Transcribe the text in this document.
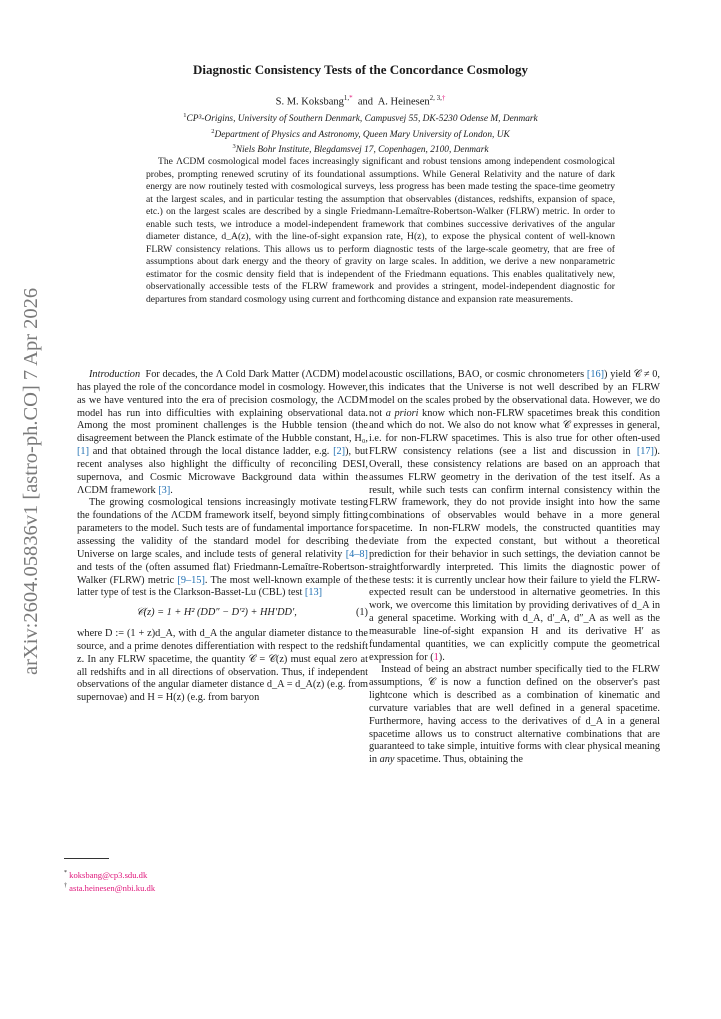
arXiv:2604.05836v1 [astro-ph.CO] 7 Apr 2026
Diagnostic Consistency Tests of the Concordance Cosmology
S. M. Koksbang$^{1,*}$ and A. Heinesen$^{2, 3,\dagger}$
$^1$CP³-Origins, University of Southern Denmark, Campusvej 55, DK-5230 Odense M, Denmark
$^2$Department of Physics and Astronomy, Queen Mary University of London, UK
$^3$Niels Bohr Institute, Blegdamsvej 17, Copenhagen, 2100, Denmark

The ΛCDM cosmological model faces increasingly significant and robust tensions among independent cosmological probes, prompting renewed scrutiny of its foundational assumptions. While General Relativity and the nature of dark energy are now routinely tested with cosmological surveys, less progress has been made testing the space-time geometry at the largest scales, and in particular testing the assumption that observables (distances, redshifts, expansion of space, etc.) on the largest scales are described by a single Friedmann-Lemaître-Robertson-Walker (FLRW) metric. In order to enable such tests, we introduce a model-independent framework that combines successive derivatives of the angular diameter distance, d_A(z), with the line-of-sight expansion rate, H(z), to expose the physical content of well-known FLRW consistency relations. This allows us to perform diagnostic tests of the large-scale geometry, that are free of assumptions about dark energy and the theory of gravity on large scales. In addition, we derive a new nonparametric estimator for the cosmic density field that is independent of the Friedmann equations. This enables qualitatively new, observationally accessible tests of the FLRW framework and provides a stringent, model-independent diagnostic for departures from standard cosmology using current and forthcoming distance and expansion rate measurements.

Introduction For decades, the Λ Cold Dark Matter (ΛCDM) model has played the role of the concordance model in cosmology. However, as we have ventured into the era of precision cosmology, the ΛCDM model has run into difficulties with explaining observational data. Among the most prominent challenges is the Hubble tension (the disagreement between the Planck estimate of the Hubble constant, H₀, [1] and that obtained through the local distance ladder, e.g. [2]), but recent analyses also highlight the difficulty of reconciling DESI, supernova, and Cosmic Microwave Background data within the ΛCDM framework [3].

The growing cosmological tensions increasingly motivate testing the foundations of the ΛCDM framework itself, beyond simply fitting parameters to the model. Such tests are of fundamental importance for assessing the validity of the standard model for describing the Universe on large scales, and include tests of general relativity [4–8] and tests of the (often assumed flat) Friedmann-Lemaître-Robertson-Walker (FLRW) metric [9–15]. The most well-known example of the latter type of test is the Clarkson-Basset-Lu (CBL) test [13]

𝒞(z) = 1 + H² (DD″ − D′²) + HH′DD′,	(1)

where D := (1 + z)d_A, with d_A the angular diameter distance to the source, and a prime denotes differentiation with respect to the redshift z. In any FLRW spacetime, the quantity 𝒞 = 𝒞(z) must equal zero at all redshifts and in all directions of observation. Thus, if independent observations of the angular diameter distance d_A = d_A(z) (e.g. from supernovae) and H = H(z) (e.g. from baryon

acoustic oscillations, BAO, or cosmic chronometers [16]) yield 𝒞 ≠ 0, this indicates that the Universe is not well described by an FLRW model on the scales probed by the observational data. However, we do not a priori know which non-FLRW spacetimes break this condition and which do not. We also do not know what 𝒞 expresses in general, i.e. for non-FLRW spacetimes. This is also true for other often-used FLRW consistency relations (see a list and discussion in [17]). Overall, these consistency relations are based on an approach that assumes FLRW geometry in the derivation of the test itself. As a result, while such tests can confirm internal consistency within the FLRW framework, they do not provide insight into how the same combinations of observables would behave in a more general spacetime. In non-FLRW models, the constructed quantities may deviate from the expected constant, but without a theoretical prediction for their behavior in such settings, the deviation cannot be straightforwardly interpreted. This limits the diagnostic power of these tests: it is currently unclear how their failure to yield the FLRW-expected result can be understood in alternative geometries. In this work, we overcome this limitation by providing derivatives of d_A in a general spacetime. Working with d_A, d′_A, d″_A as well as the measurable line-of-sight expansion H and its derivative H′ as fundamental quantities, we can explicitly compute the geometrical expression for (1).

Instead of being an abstract number specifically tied to the FLRW assumptions, 𝒞 is now a function defined on the observer's past lightcone which is described as a combination of kinematic and curvature variables that are well defined in a general spacetime. Furthermore, having access to the derivatives of d_A in a general spacetime allows us to construct alternative combinations that are guaranteed to take simple, intuitive forms with clear physical meaning in any spacetime. Thus, obtaining the

* koksbang@cp3.sdu.dk
† asta.heinesen@nbi.ku.dk
